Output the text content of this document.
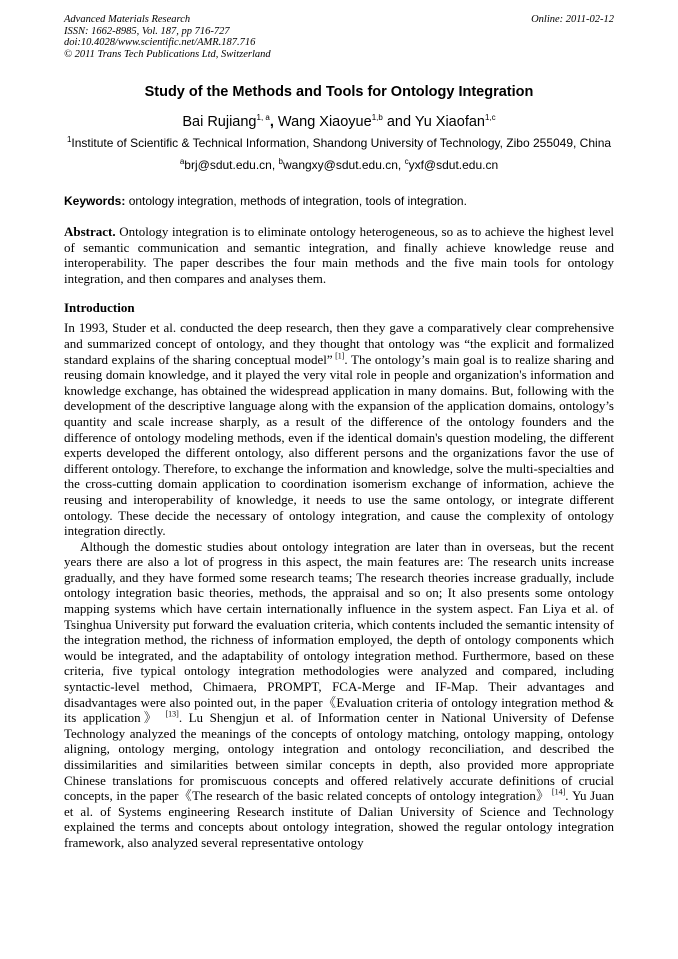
Advanced Materials Research
ISSN: 1662-8985, Vol. 187, pp 716-727
doi:10.4028/www.scientific.net/AMR.187.716
© 2011 Trans Tech Publications Ltd, Switzerland
Online: 2011-02-12
Study of the Methods and Tools for Ontology Integration
Bai Rujiang$^{1, a}$, Wang Xiaoyue$^{1,b}$ and Yu Xiaofan$^{1,c}$
$^1$Institute of Scientific & Technical Information, Shandong University of Technology, Zibo 255049, China
$^a$brj@sdut.edu.cn, $^b$wangxy@sdut.edu.cn, $^c$yxf@sdut.edu.cn
Keywords: ontology integration, methods of integration, tools of integration.

Abstract. Ontology integration is to eliminate ontology heterogeneous, so as to achieve the highest level of semantic communication and semantic integration, and finally achieve knowledge reuse and interoperability. The paper describes the four main methods and the five main tools for ontology integration, and then compares and analyses them.

Introduction

In 1993, Studer et al. conducted the deep research, then they gave a comparatively clear comprehensive and summarized concept of ontology, and they thought that ontology was “the explicit and formalized standard explains of the sharing conceptual model” [1]. The ontology’s main goal is to realize sharing and reusing domain knowledge, and it played the very vital role in people and organization's information and knowledge exchange, has obtained the widespread application in many domains. But, following with the development of the descriptive language along with the expansion of the application domains, ontology’s quantity and scale increase sharply, as a result of the difference of the ontology founders and the difference of ontology modeling methods, even if the identical domain's question modeling, the different experts developed the different ontology, also different persons and the organizations favor the use of different ontology. Therefore, to exchange the information and knowledge, solve the multi-specialties and the cross-cutting domain application to coordination isomerism exchange of information, achieve the reusing and interoperability of knowledge, it needs to use the same ontology, or integrate different ontology. These decide the necessary of ontology integration, and cause the complexity of ontology integration directly.

Although the domestic studies about ontology integration are later than in overseas, but the recent years there are also a lot of progress in this aspect, the main features are: The research units increase gradually, and they have formed some research teams; The research theories increase gradually, include ontology integration basic theories, methods, the appraisal and so on; It also presents some ontology mapping systems which have certain internationally influence in the system aspect. Fan Liya et al. of Tsinghua University put forward the evaluation criteria, which contents included the semantic intensity of the integration method, the richness of information employed, the depth of ontology components which would be integrated, and the adaptability of ontology integration method. Furthermore, based on these criteria, five typical ontology integration methodologies were analyzed and compared, including syntactic-level method, Chimaera, PROMPT, FCA-Merge and IF-Map. Their advantages and disadvantages were also pointed out, in the paper《Evaluation criteria of ontology integration method & its application》 [13]. Lu Shengjun et al. of Information center in National University of Defense Technology analyzed the meanings of the concepts of ontology matching, ontology mapping, ontology aligning, ontology merging, ontology integration and ontology reconciliation, and described the dissimilarities and similarities between similar concepts in depth, also provided more appropriate Chinese translations for promiscuous concepts and offered relatively accurate definitions of crucial concepts, in the paper《The research of the basic related concepts of ontology integration》 [14]. Yu Juan et al. of Systems engineering Research institute of Dalian University of Science and Technology explained the terms and concepts about ontology integration, showed the regular ontology integration framework, also analyzed several representative ontology
